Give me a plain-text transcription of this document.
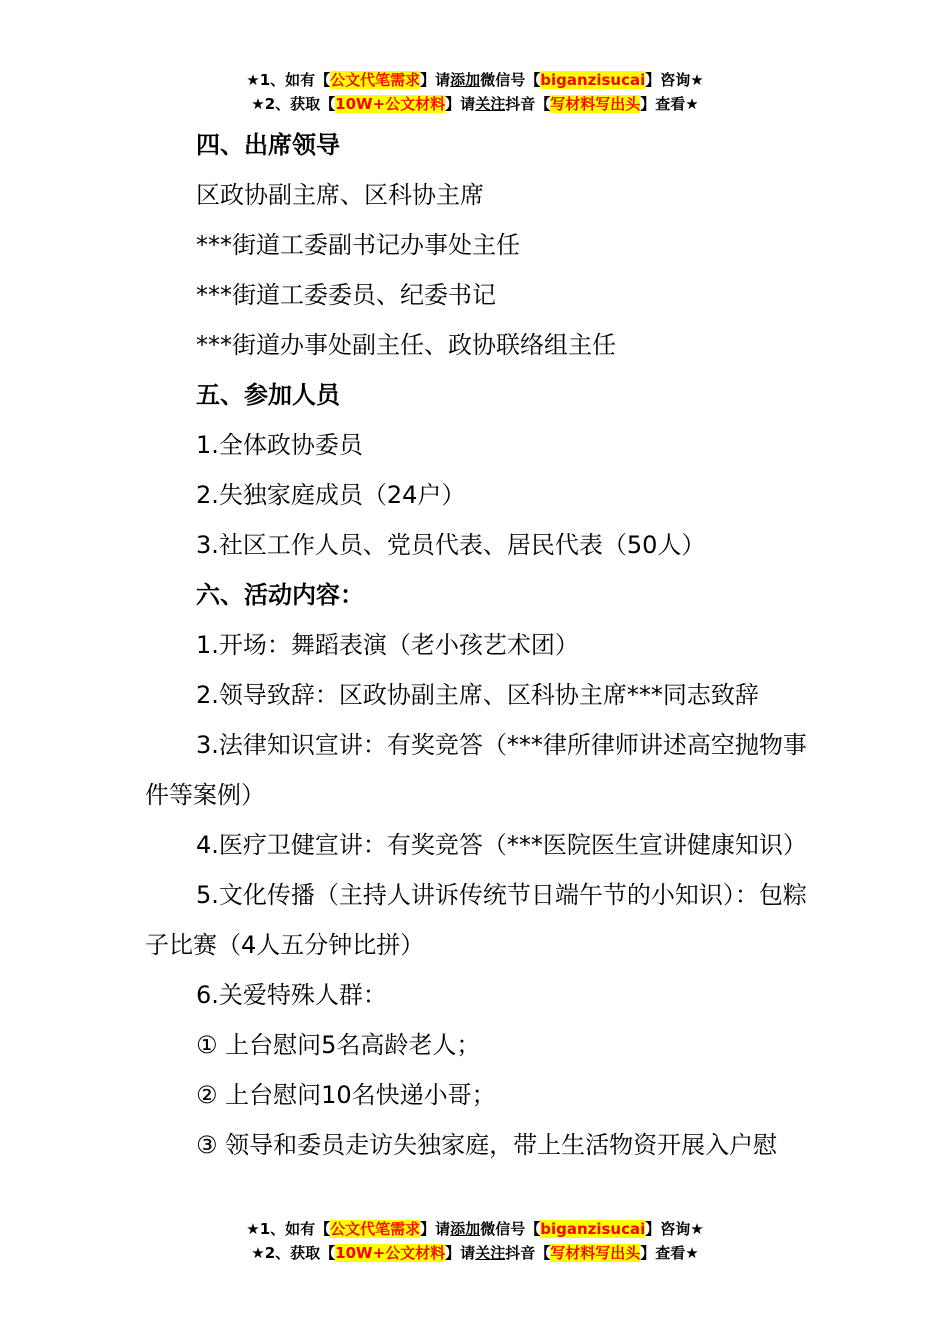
★1、如有【公文代笔需求】请添加微信号【biganzisucai】咨询★
★2、获取【10W+公文材料】请关注抖音【写材料写出头】查看★
四、出席领导
区政协副主席、区科协主席
***街道工委副书记办事处主任
***街道工委委员、纪委书记
***街道办事处副主任、政协联络组主任
五、参加人员
1.全体政协委员
2.失独家庭成员（24户）
3.社区工作人员、党员代表、居民代表（50人）
六、活动内容：
1.开场：舞蹈表演（老小孩艺术团）
2.领导致辞：区政协副主席、区科协主席***同志致辞
3.法律知识宣讲：有奖竞答（***律所律师讲述高空抛物事件等案例）
4.医疗卫健宣讲：有奖竞答（***医院医生宣讲健康知识）
5.文化传播（主持人讲诉传统节日端午节的小知识）：包粽子比赛（4人五分钟比拼）
6.关爱特殊人群：
① 上台慰问5名高龄老人；
② 上台慰问10名快递小哥；
③ 领导和委员走访失独家庭，带上生活物资开展入户慰
★1、如有【公文代笔需求】请添加微信号【biganzisucai】咨询★
★2、获取【10W+公文材料】请关注抖音【写材料写出头】查看★
